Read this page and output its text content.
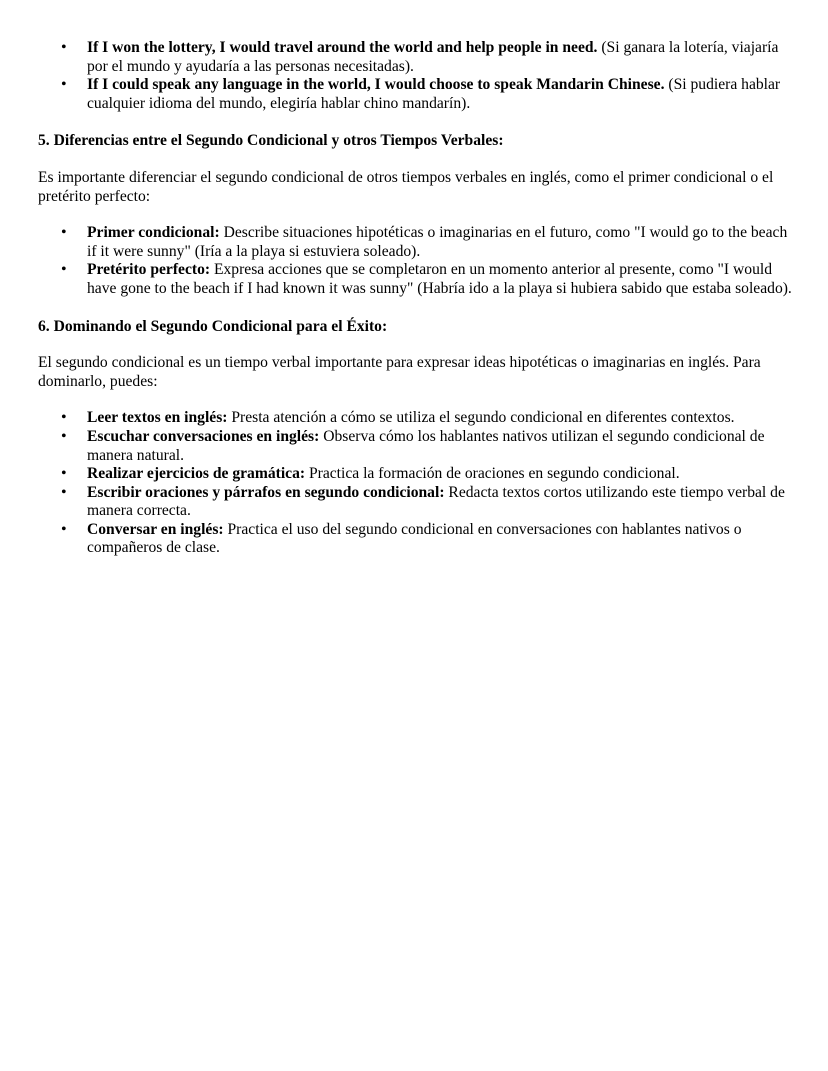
• If I won the lottery, I would travel around the world and help people in need. (Si ganara la lotería, viajaría por el mundo y ayudaría a las personas necesitadas).
• If I could speak any language in the world, I would choose to speak Mandarin Chinese. (Si pudiera hablar cualquier idioma del mundo, elegiría hablar chino mandarín).
5. Diferencias entre el Segundo Condicional y otros Tiempos Verbales:

Es importante diferenciar el segundo condicional de otros tiempos verbales en inglés, como el primer condicional o el pretérito perfecto:

• Primer condicional: Describe situaciones hipotéticas o imaginarias en el futuro, como "I would go to the beach if it were sunny" (Iría a la playa si estuviera soleado).
• Pretérito perfecto: Expresa acciones que se completaron en un momento anterior al presente, como "I would have gone to the beach if I had known it was sunny" (Habría ido a la playa si hubiera sabido que estaba soleado).
6. Dominando el Segundo Condicional para el Éxito:

El segundo condicional es un tiempo verbal importante para expresar ideas hipotéticas o imaginarias en inglés. Para dominarlo, puedes:

• Leer textos en inglés: Presta atención a cómo se utiliza el segundo condicional en diferentes contextos.
• Escuchar conversaciones en inglés: Observa cómo los hablantes nativos utilizan el segundo condicional de manera natural.
• Realizar ejercicios de gramática: Practica la formación de oraciones en segundo condicional.
• Escribir oraciones y párrafos en segundo condicional: Redacta textos cortos utilizando este tiempo verbal de manera correcta.
• Conversar en inglés: Practica el uso del segundo condicional en conversaciones con hablantes nativos o compañeros de clase.
